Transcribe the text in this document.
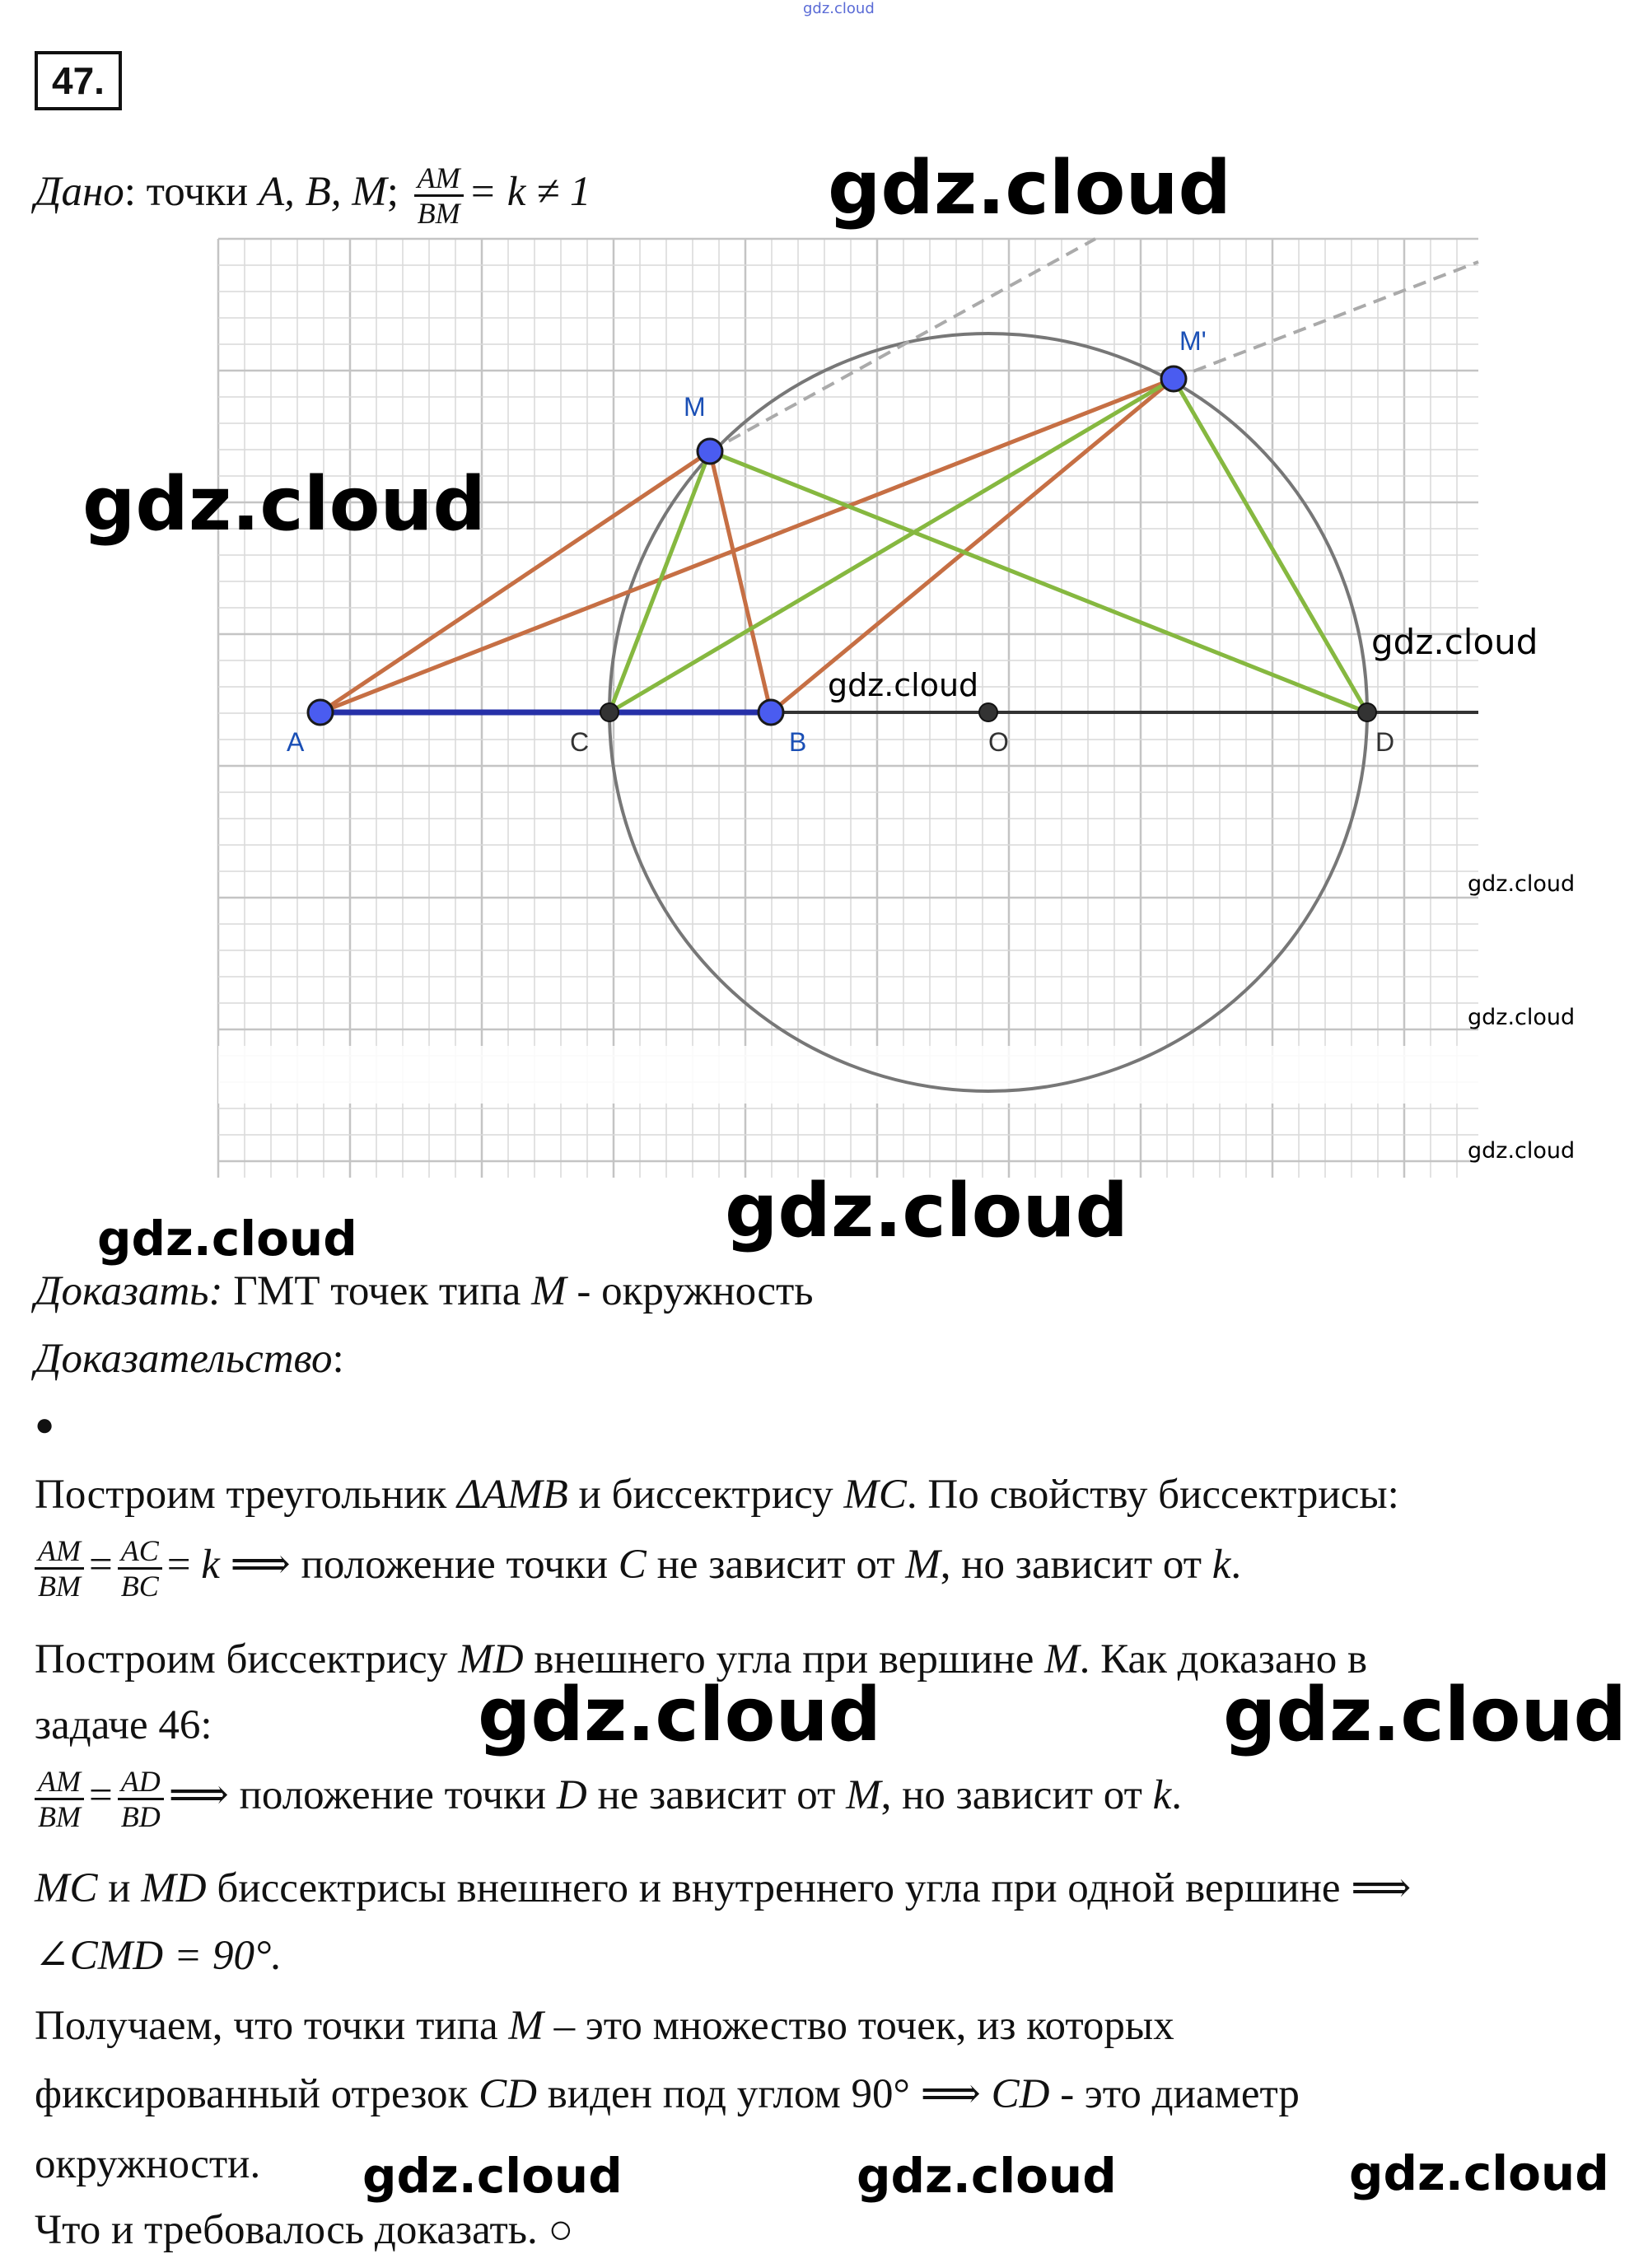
gdz.cloud
47.
Дано: точки A, B, M; $\frac{AM}{BM} = k \ne 1$
A	C	B	O	D
M
M'
Доказать: ГМТ точек типа M - окружность
Доказательство:
●
Построим треугольник ΔAMB и биссектрису MC. По свойству биссектрисы:
$\frac{AM}{BM} = \frac{AC}{BC} = k$ ⟹ положение точки C не зависит от M, но зависит от k.
Построим биссектрису MD внешнего угла при вершине M. Как доказано в
задаче 46:
$\frac{AM}{BM} = \frac{AD}{BD}$ ⟹ положение точки D не зависит от M, но зависит от k.
MC и MD биссектрисы внешнего и внутреннего угла при одной вершине ⟹
∠CMD = 90°.
Получаем, что точки типа M – это множество точек, из которых
фиксированный отрезок CD виден под углом 90° ⟹ CD - это диаметр
окружности.
Что и требовалось доказать. ○
gdz.cloud
gdz.cloud
gdz.cloud
gdz.cloud
gdz.cloud
gdz.cloud
gdz.cloud
gdz.cloud
gdz.cloud
gdz.cloud	gdz.cloud
gdz.cloud	gdz.cloud	gdz.cloud
